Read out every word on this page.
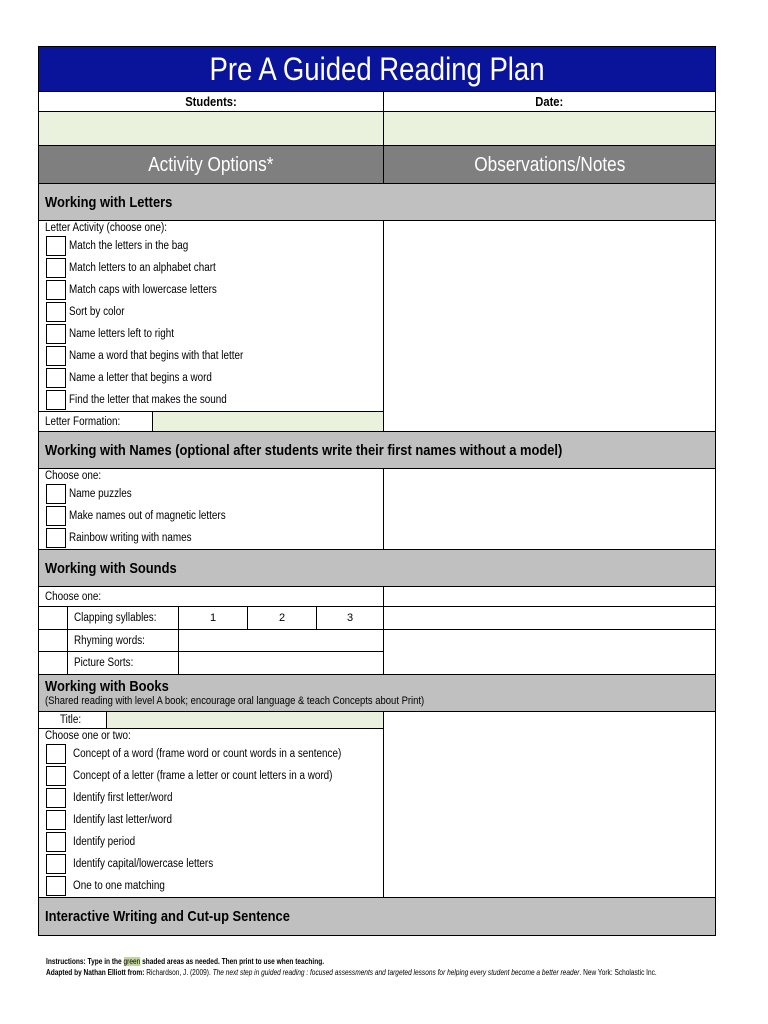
Pre A Guided Reading Plan
Students:	Date:
Activity Options*	Observations/Notes
Working with Letters
Letter Activity (choose one):
Match the letters in the bag
Match letters to an alphabet chart
Match caps with lowercase letters
Sort by color
Name letters left to right
Name a word that begins with that letter
Name a letter that begins a word
Find the letter that makes the sound
Letter Formation:
Working with Names (optional after students write their first names without a model)
Choose one:
Name puzzles
Make names out of magnetic letters
Rainbow writing with names
Working with Sounds
Choose one:
Clapping syllables:	1	2	3
Rhyming words:
Picture Sorts:
Working with Books
(Shared reading with level A book; encourage oral language & teach Concepts about Print)
Title:
Choose one or two:
Concept of a word (frame word or count words in a sentence)
Concept of a letter (frame a letter or count letters in a word)
Identify first letter/word
Identify last letter/word
Identify period
Identify capital/lowercase letters
One to one matching
Interactive Writing and Cut-up Sentence
Instructions: Type in the green shaded areas as needed. Then print to use when teaching.
Adapted by Nathan Elliott from: Richardson, J. (2009). The next step in guided reading : focused assessments and targeted lessons for helping every student become a better reader. New York: Scholastic Inc.
